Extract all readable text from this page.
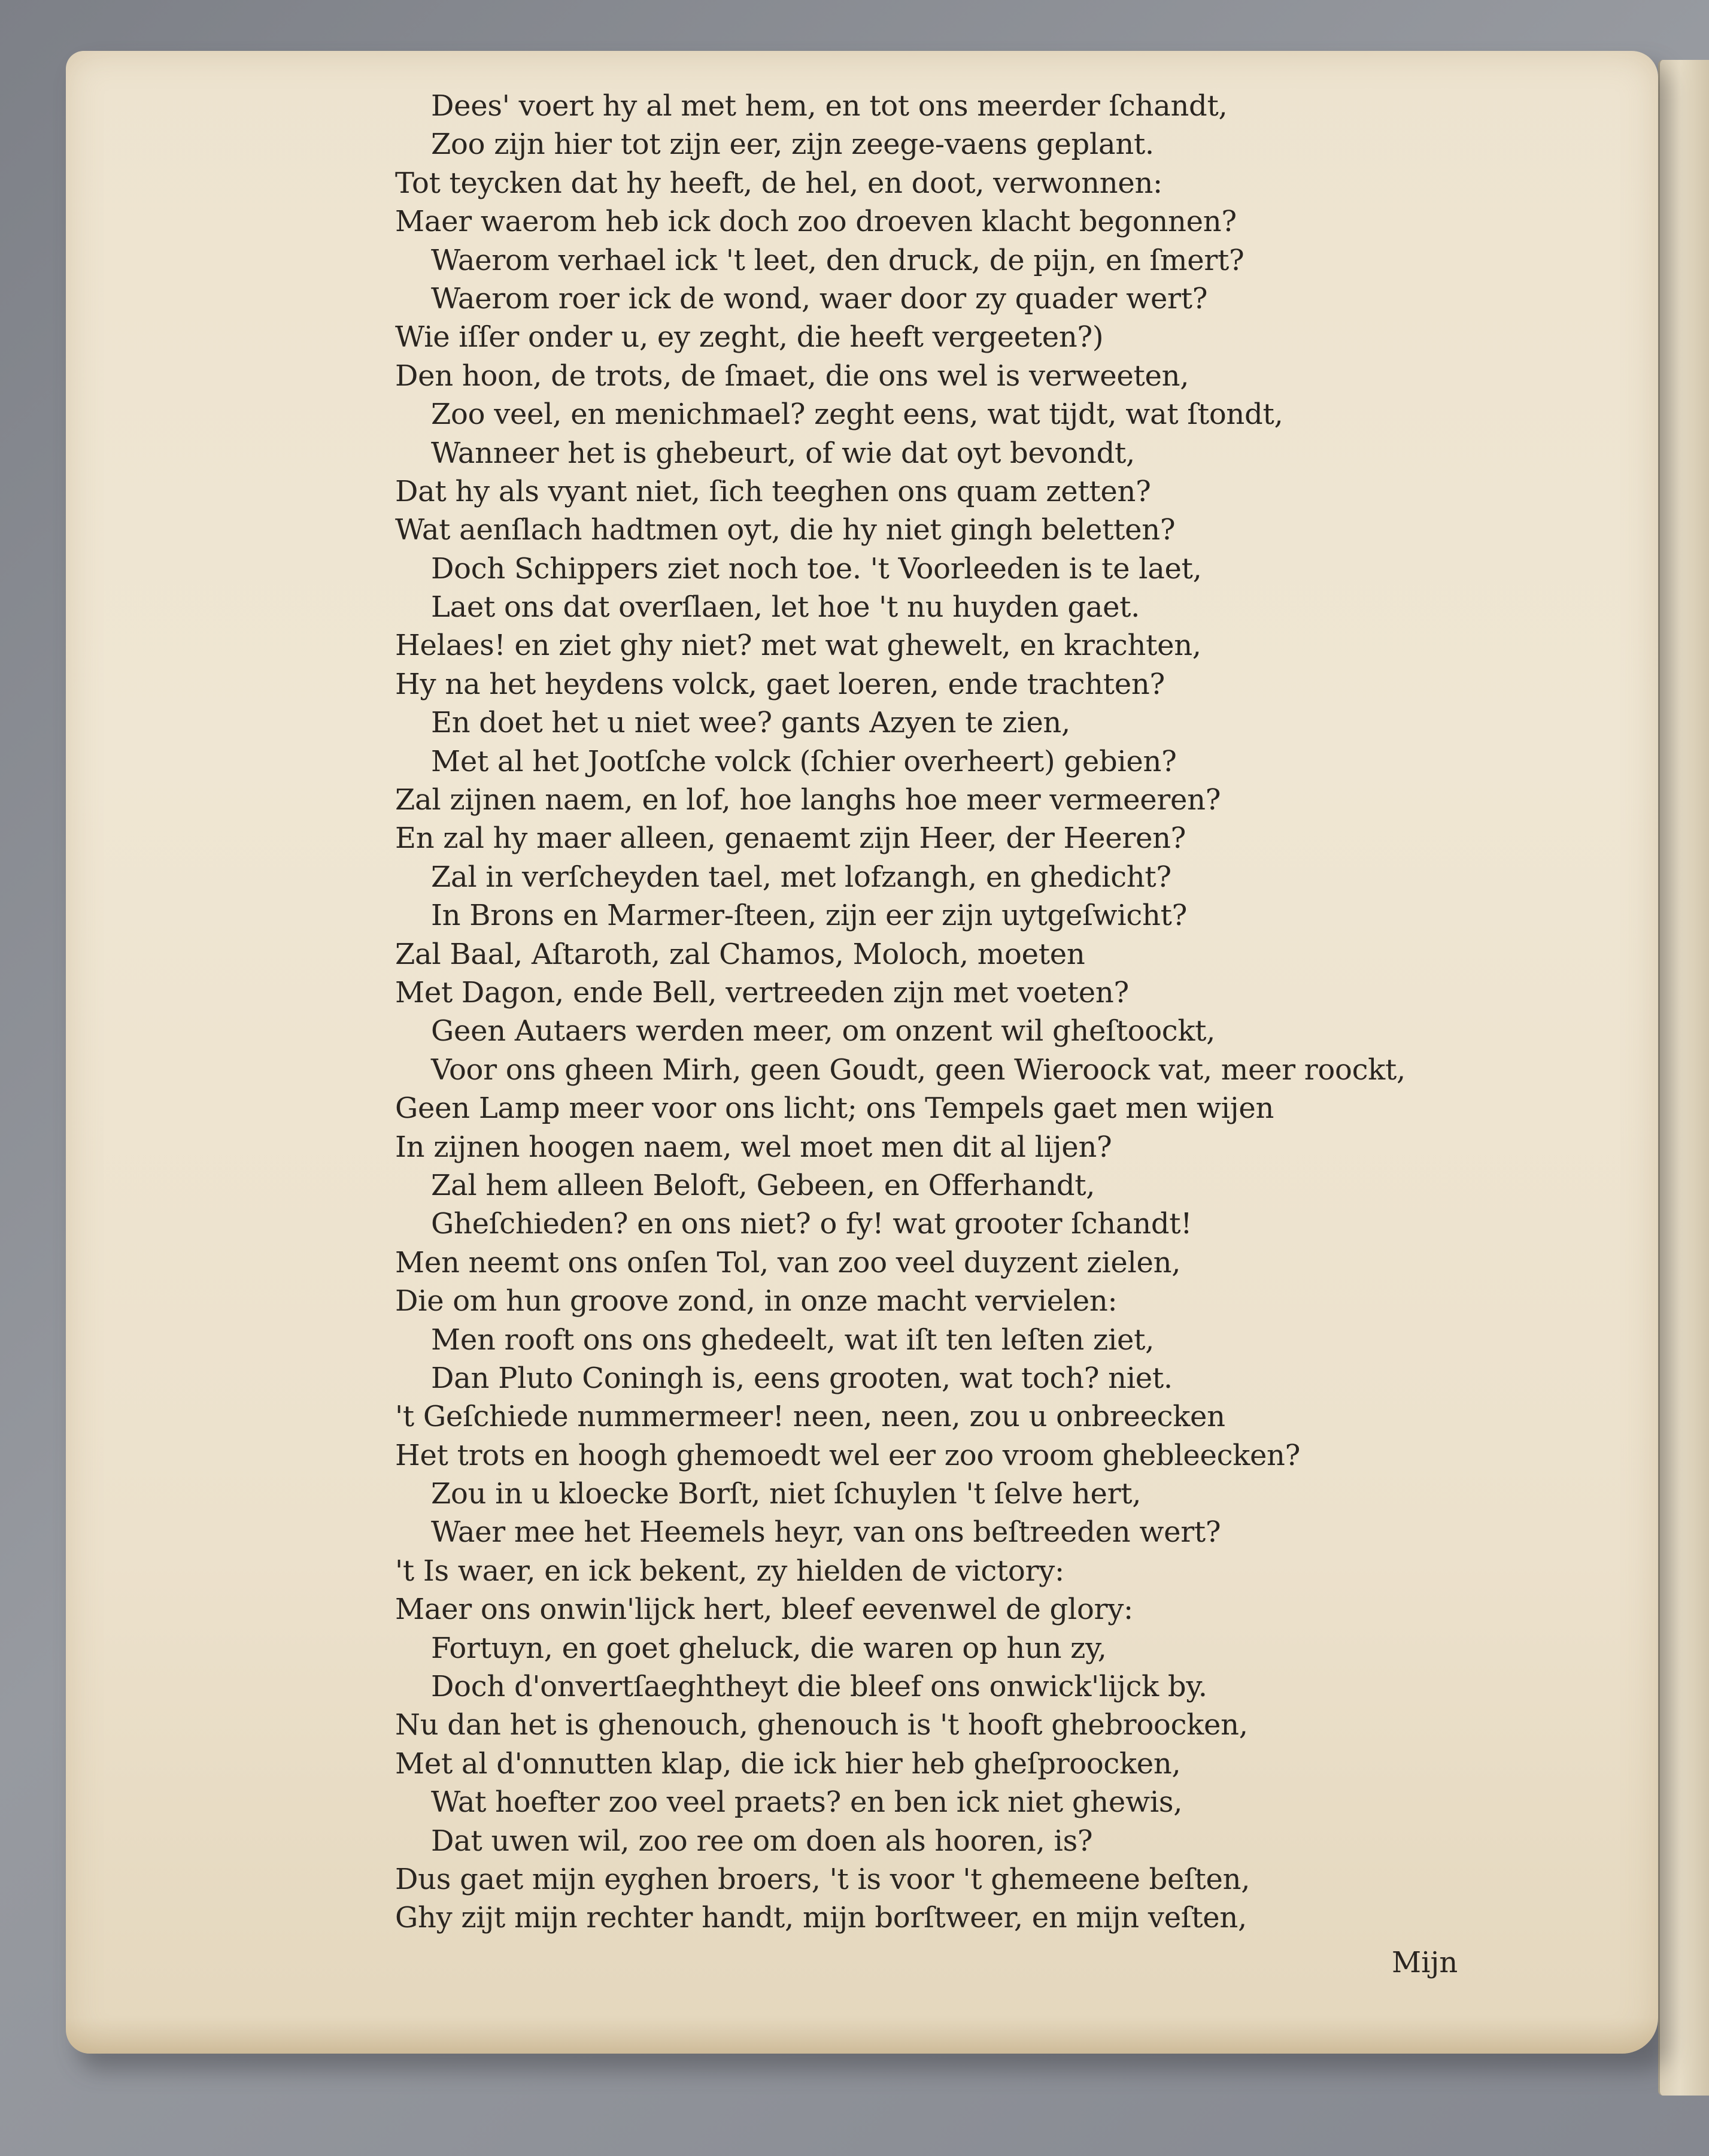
Dees' voert hy al met hem, en tot ons meerder ſchandt,
Zoo zijn hier tot zijn eer, zijn zeege-vaens geplant.
Tot teycken dat hy heeft, de hel, en doot, verwonnen:
Maer waerom heb ick doch zoo droeven klacht begonnen?
Waerom verhael ick 't leet, den druck, de pijn, en ſmert?
Waerom roer ick de wond, waer door zy quader wert?
Wie iſſer onder u, ey zeght, die heeft vergeeten?)
Den hoon, de trots, de ſmaet, die ons wel is verweeten,
Zoo veel, en menichmael? zeght eens, wat tijdt, wat ſtondt,
Wanneer het is ghebeurt, of wie dat oyt bevondt,
Dat hy als vyant niet, ſich teeghen ons quam zetten?
Wat aenſlach hadtmen oyt, die hy niet gingh beletten?
Doch Schippers ziet noch toe. 't Voorleeden is te laet,
Laet ons dat overſlaen, let hoe 't nu huyden gaet.
Helaes! en ziet ghy niet? met wat ghewelt, en krachten,
Hy na het heydens volck, gaet loeren, ende trachten?
En doet het u niet wee? gants Azyen te zien,
Met al het Jootſche volck (ſchier overheert) gebien?
Zal zijnen naem, en lof, hoe langhs hoe meer vermeeren?
En zal hy maer alleen, genaemt zijn Heer, der Heeren?
Zal in verſcheyden tael, met lofzangh, en ghedicht?
In Brons en Marmer-ſteen, zijn eer zijn uytgeſwicht?
Zal Baal, Aſtaroth, zal Chamos, Moloch, moeten
Met Dagon, ende Bell, vertreeden zijn met voeten?
Geen Autaers werden meer, om onzent wil gheſtoockt,
Voor ons gheen Mirh, geen Goudt, geen Wieroock vat, meer roockt,
Geen Lamp meer voor ons licht; ons Tempels gaet men wijen
In zijnen hoogen naem, wel moet men dit al lijen?
Zal hem alleen Beloft, Gebeen, en Offerhandt,
Gheſchieden? en ons niet? o fy! wat grooter ſchandt!
Men neemt ons onſen Tol, van zoo veel duyzent zielen,
Die om hun groove zond, in onze macht vervielen:
Men rooft ons ons ghedeelt, wat iſt ten leſten ziet,
Dan Pluto Coningh is, eens grooten, wat toch? niet.
't Geſchiede nummermeer! neen, neen, zou u onbreecken
Het trots en hoogh ghemoedt wel eer zoo vroom ghebleecken?
Zou in u kloecke Borſt, niet ſchuylen 't ſelve hert,
Waer mee het Heemels heyr, van ons beſtreeden wert?
't Is waer, en ick bekent, zy hielden de victory:
Maer ons onwin'lijck hert, bleef eevenwel de glory:
Fortuyn, en goet gheluck, die waren op hun zy,
Doch d'onvertſaeghtheyt die bleef ons onwick'lijck by.
Nu dan het is ghenouch, ghenouch is 't hooft ghebroocken,
Met al d'onnutten klap, die ick hier heb gheſproocken,
Wat hoefter zoo veel praets? en ben ick niet ghewis,
Dat uwen wil, zoo ree om doen als hooren, is?
Dus gaet mijn eyghen broers, 't is voor 't ghemeene beſten,
Ghy zijt mijn rechter handt, mijn borſtweer, en mijn veſten,
Mijn
